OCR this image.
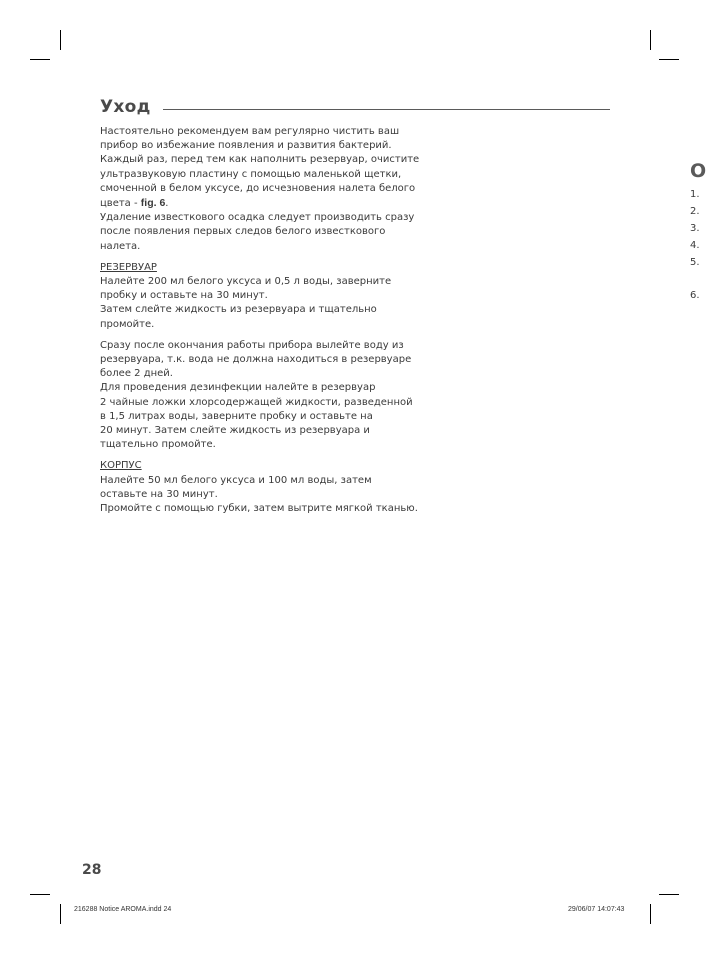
Уход
Настоятельно рекомендуем вам регулярно чистить ваш
прибор во избежание появления и развития бактерий.
Каждый раз, перед тем как наполнить резервуар, очистите
ультразвуковую пластину с помощью маленькой щетки,
смоченной в белом уксусе, до исчезновения налета белого
цвета - fig. 6.
Удаление известкового осадка следует производить сразу
после появления первых следов белого известкового
налета.
РЕЗЕРВУАР
Налейте 200 мл белого уксуса и 0,5 л воды, заверните
пробку и оставьте на 30 минут.
Затем слейте жидкость из резервуара и тщательно
промойте.
Сразу после окончания работы прибора вылейте воду из
резервуара, т.к. вода не должна находиться в резервуаре
более 2 дней.
Для проведения дезинфекции налейте в резервуар
2 чайные ложки хлорсодержащей жидкости, разведенной
в 1,5 литрах воды, заверните пробку и оставьте на
20 минут. Затем слейте жидкость из резервуара и
тщательно промойте.
КОРПУС
Налейте 50 мл белого уксуса и 100 мл воды, затем
оставьте на 30 минут.
Промойте с помощью губки, затем вытрите мягкой тканью.
О
1.
2.
3.
4.
5.
6.
28
216288 Notice AROMA.indd 24	29/06/07 14:07:43
